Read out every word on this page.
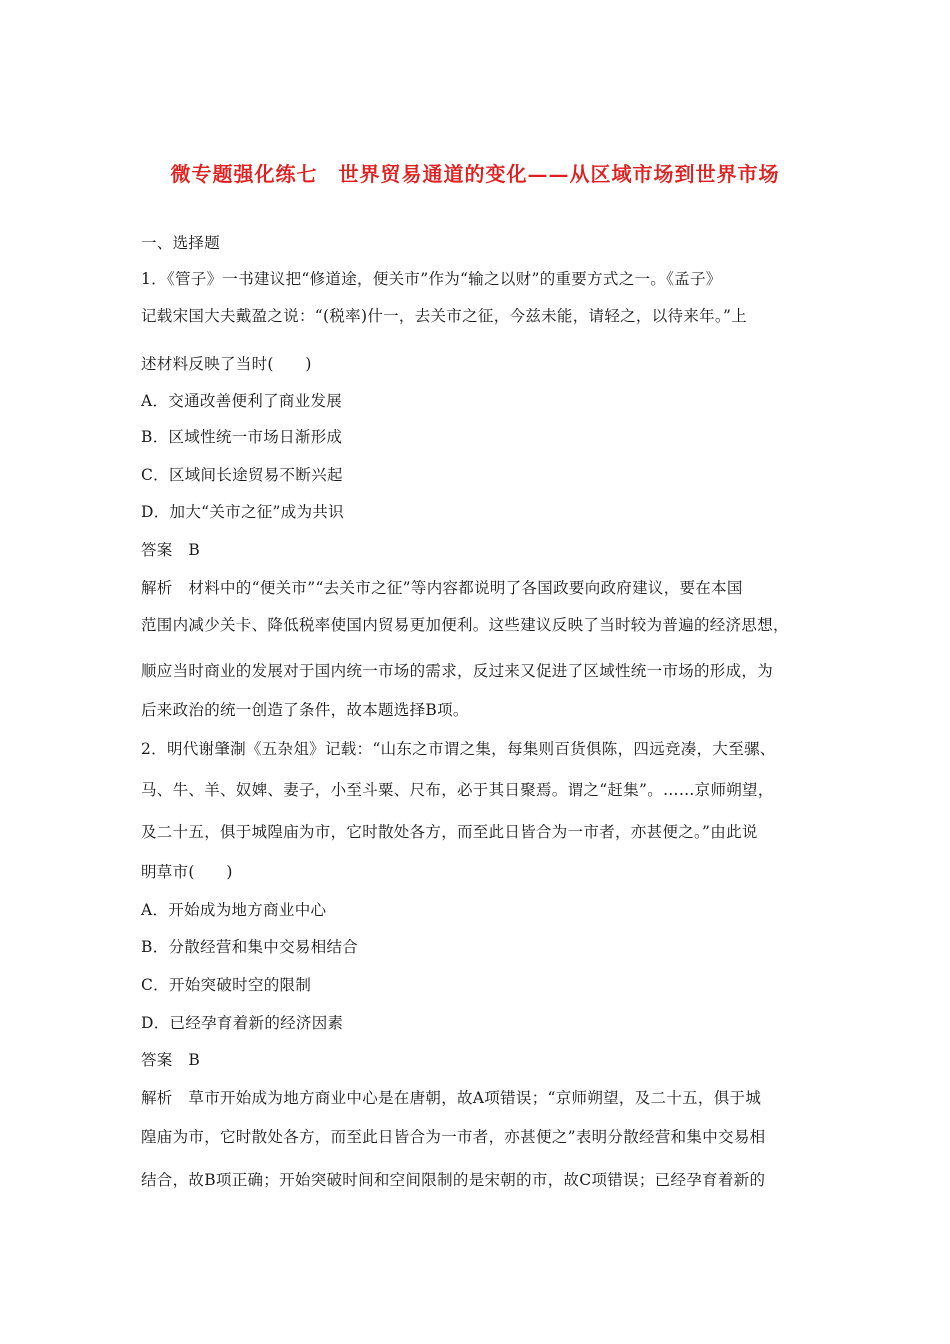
微专题强化练七　世界贸易通道的变化——从区域市场到世界市场
一、选择题
1．《管子》一书建议把“修道途，便关市”作为“输之以财”的重要方式之一。《孟子》
记载宋国大夫戴盈之说：“(税率)什一，去关市之征，今兹未能，请轻之，以待来年。”上
述材料反映了当时(　　)
A．交通改善便利了商业发展
B．区域性统一市场日渐形成
C．区域间长途贸易不断兴起
D．加大“关市之征”成为共识
答案　B
解析　材料中的“便关市”“去关市之征”等内容都说明了各国政要向政府建议，要在本国
范围内减少关卡、降低税率使国内贸易更加便利。这些建议反映了当时较为普遍的经济思想，
顺应当时商业的发展对于国内统一市场的需求，反过来又促进了区域性统一市场的形成，为
后来政治的统一创造了条件，故本题选择B项。
2．明代谢肇淛《五杂俎》记载：“山东之市谓之集，每集则百货俱陈，四远竞凑，大至骡、
马、牛、羊、奴婢、妻子，小至斗粟、尺布，必于其日聚焉。谓之“赶集”。……京师朔望，
及二十五，俱于城隍庙为市，它时散处各方，而至此日皆合为一市者，亦甚便之。”由此说
明草市(　　)
A．开始成为地方商业中心
B．分散经营和集中交易相结合
C．开始突破时空的限制
D．已经孕育着新的经济因素
答案　B
解析　草市开始成为地方商业中心是在唐朝，故A项错误；“京师朔望，及二十五，俱于城
隍庙为市，它时散处各方，而至此日皆合为一市者，亦甚便之”表明分散经营和集中交易相
结合，故B项正确；开始突破时间和空间限制的是宋朝的市，故C项错误；已经孕育着新的
